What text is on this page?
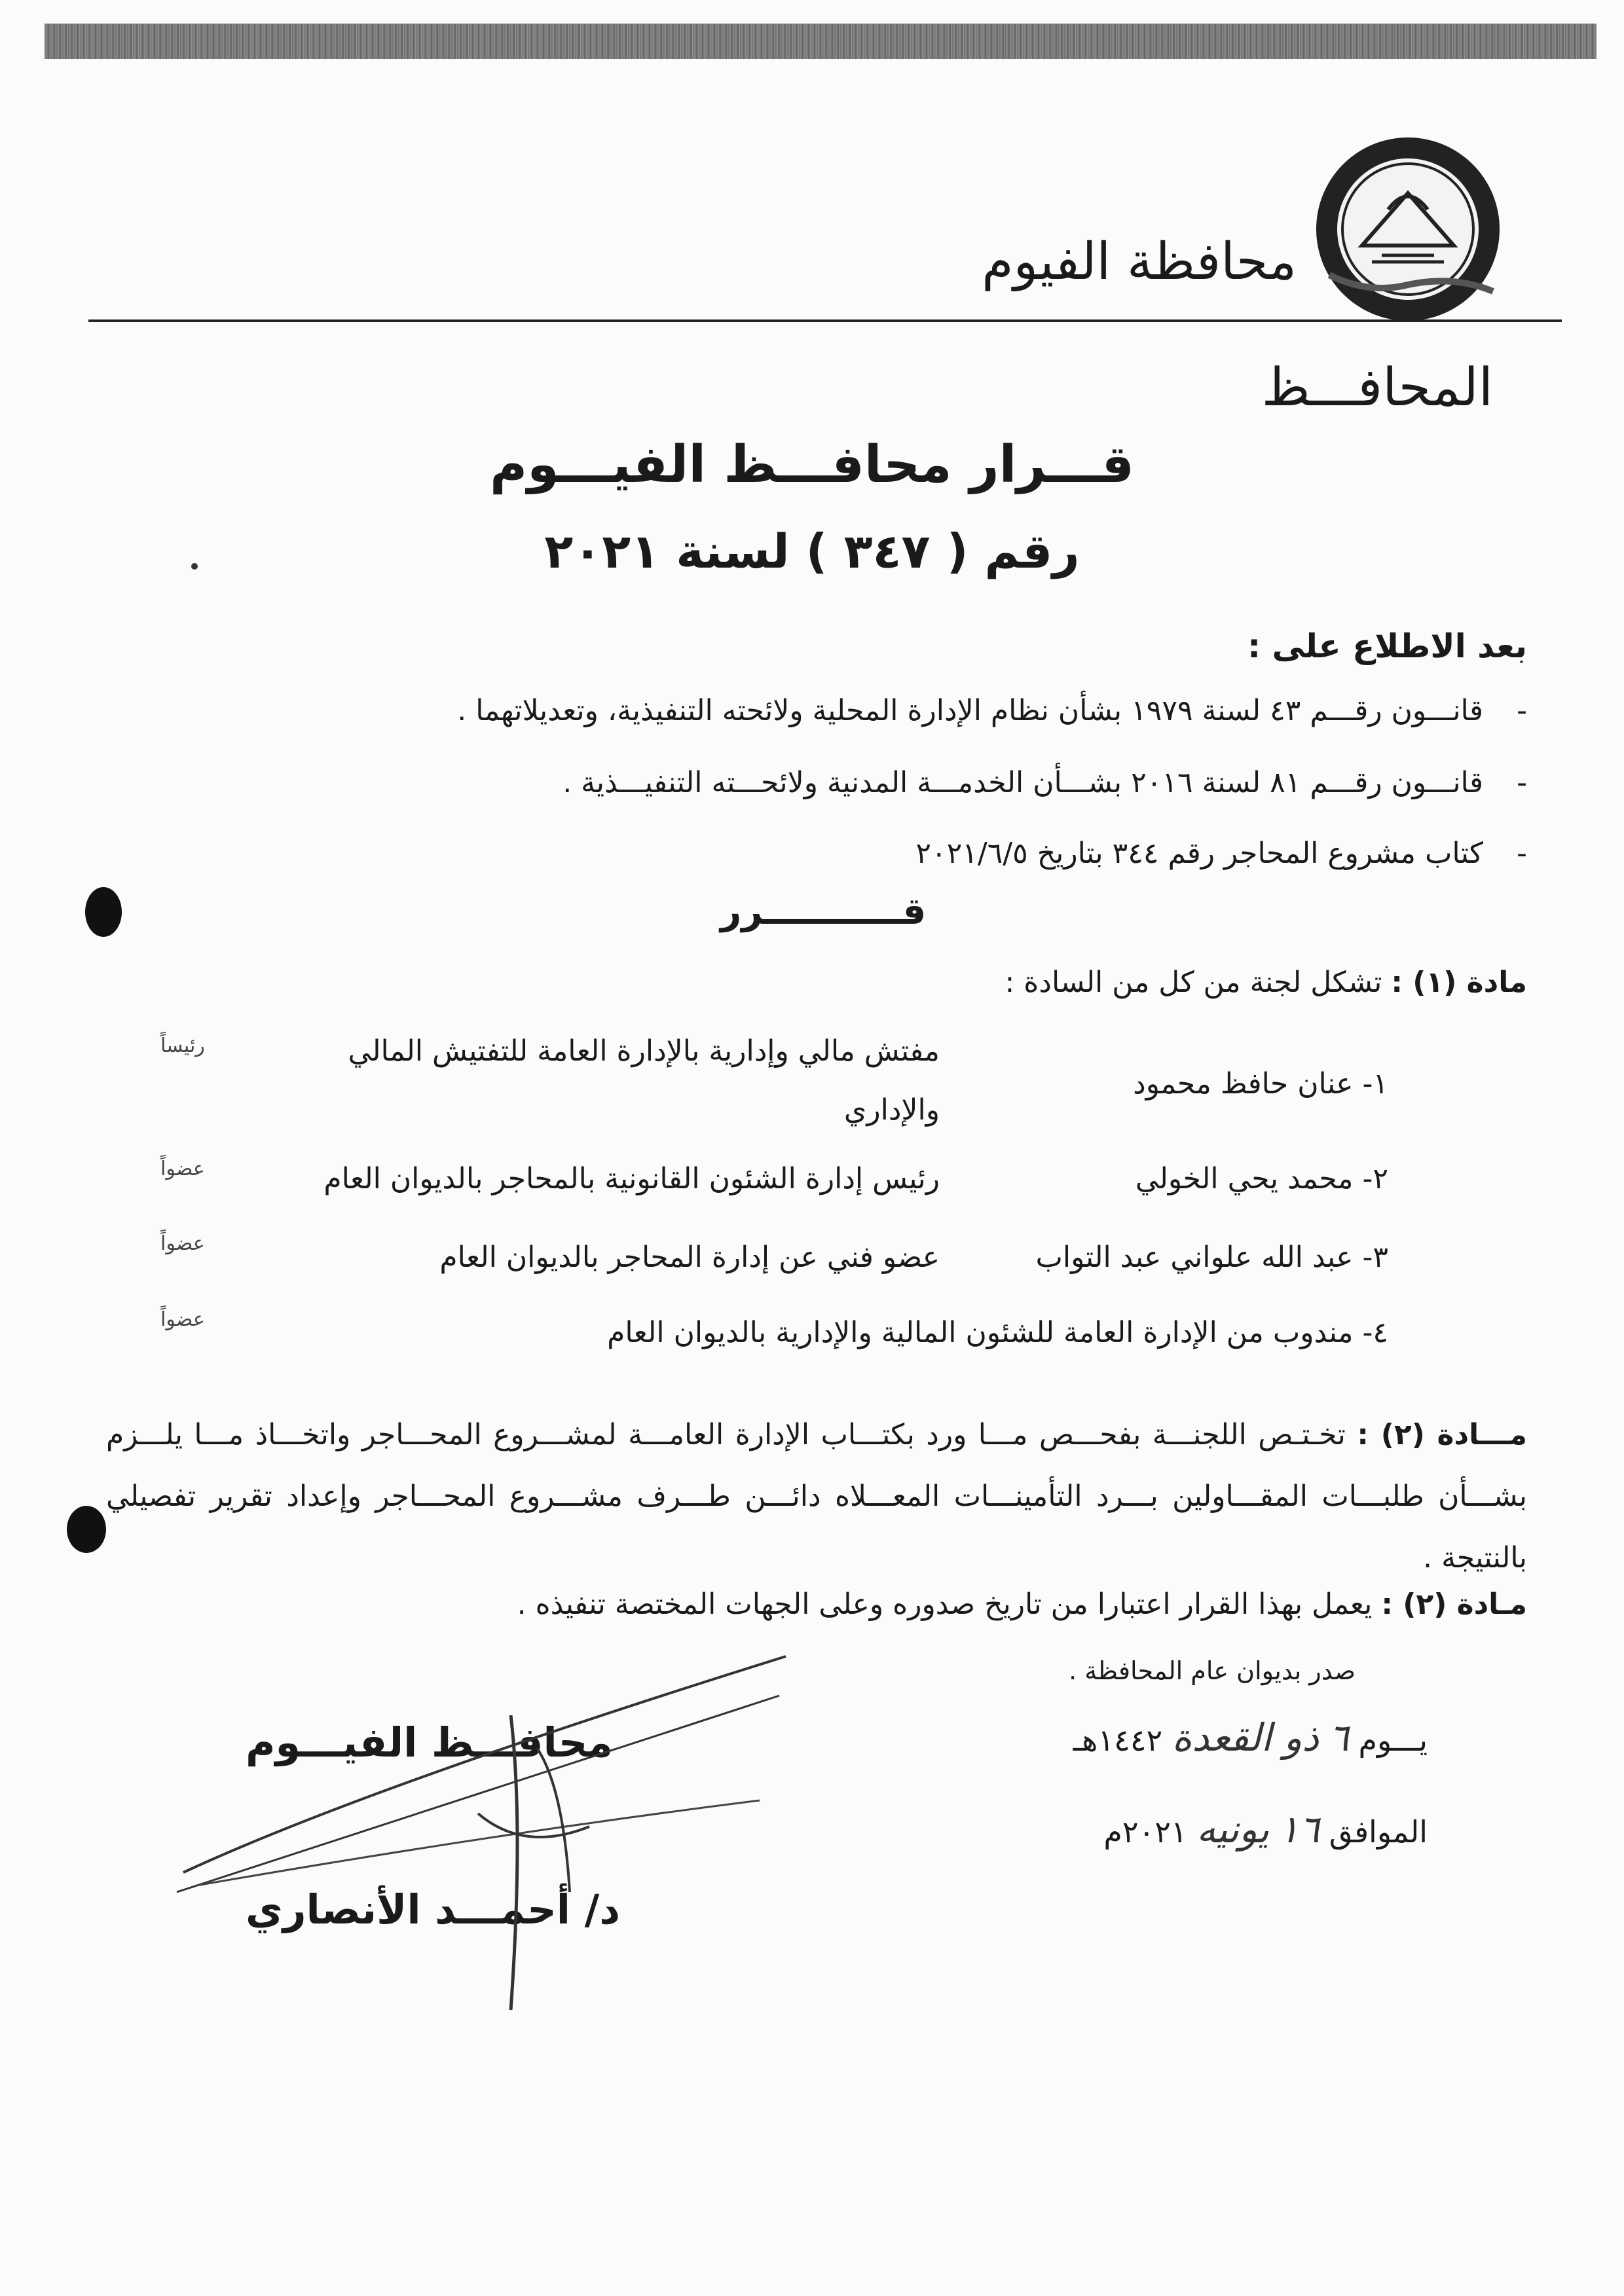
محافظة الفيوم
المحافـــظ
قـــرار محافـــظ الفيـــوم
رقم ( ٣٤٧ ) لسنة ٢٠٢١
بعد الاطلاع على :
-
قانـــون رقـــم ٤٣ لسنة ١٩٧٩ بشأن نظام الإدارة المحلية ولائحته التنفيذية، وتعديلاتهما .
-
قانـــون رقـــم ٨١ لسنة ٢٠١٦ بشـــأن الخدمـــة المدنية ولائحـــته التنفيـــذية .
-
كتاب مشروع المحاجر رقم ٣٤٤ بتاريخ ٢٠٢١/٦/٥
قـــــــــــرر
مادة (١) : تشكل لجنة من كل من السادة :
١- عنان حافظ محمود
مفتش مالي وإدارية بالإدارة العامة للتفتيش المالي
والإداري
رئيساً
٢- محمد يحي الخولي
رئيس إدارة الشئون القانونية بالمحاجر بالديوان العام
عضواً
٣- عبد الله علواني عبد التواب
عضو فني عن إدارة المحاجر بالديوان العام
عضواً
٤- مندوب من الإدارة العامة للشئون المالية والإدارية بالديوان العام
عضواً
مـــادة (٢) : تخـتـص اللجنـــة بفحـــص مـــا ورد بكتـــاب الإدارة العامـــة لمشـــروع المحـــاجر واتخـــاذ مـــا يلـــزم بشـــأن طلبـــات المقـــاولين بـــرد التأمينـــات المعـــلاه دائـــن طـــرف مشـــروع المحـــاجر وإعداد تقرير تفصيلي بالنتيجة .
مـادة (٢) : يعمل بهذا القرار اعتبارا من تاريخ صدوره وعلى الجهات المختصة تنفيذه .
صدر بديوان عام المحافظة .
يـــوم ٦ ذو القعدة ١٤٤٢هـ
الموافق ١٦ يونيه ٢٠٢١م
محافـــظ الفيـــوم
د/ أحمـــد الأنصاري
